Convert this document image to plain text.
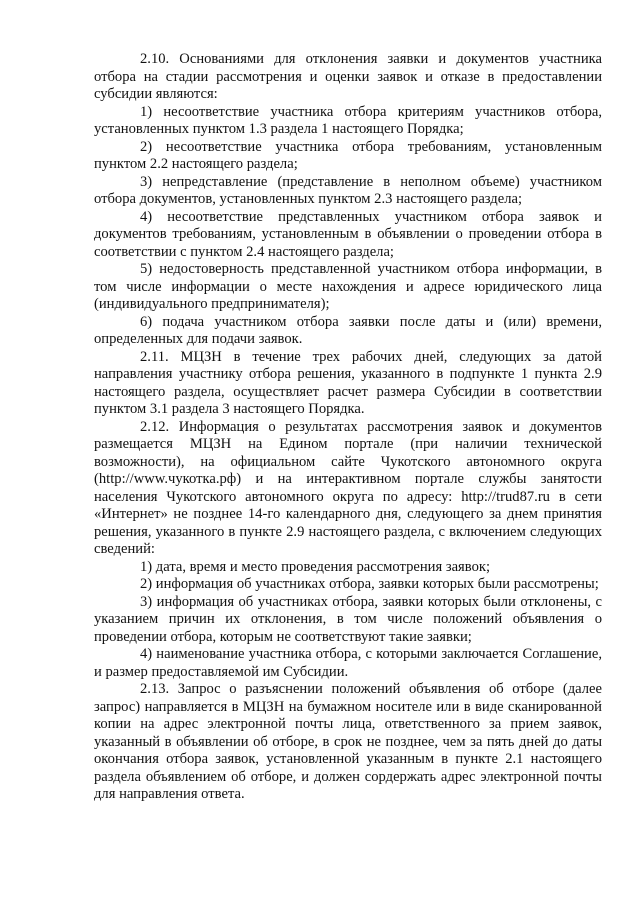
2.10. Основаниями для отклонения заявки и документов участника отбора на стадии рассмотрения и оценки заявок и отказе в предоставлении субсидии являются:

1) несоответствие участника отбора критериям участников отбора, установленных пунктом 1.3 раздела 1 настоящего Порядка;

2) несоответствие участника отбора требованиям, установленным пунктом 2.2 настоящего раздела;

3) непредставление (представление в неполном объеме) участником отбора документов, установленных пунктом 2.3 настоящего раздела;

4) несоответствие представленных участником отбора заявок и документов требованиям, установленным в объявлении о проведении отбора в соответствии с пунктом 2.4 настоящего раздела;

5) недостоверность представленной участником отбора информации, в том числе информации о месте нахождения и адресе юридического лица (индивидуального предпринимателя);

6) подача участником отбора заявки после даты и (или) времени, определенных для подачи заявок.

2.11. МЦЗН в течение трех рабочих дней, следующих за датой направления участнику отбора решения, указанного в подпункте 1 пункта 2.9 настоящего раздела, осуществляет расчет размера Субсидии в соответствии пунктом 3.1 раздела 3 настоящего Порядка.

2.12. Информация о результатах рассмотрения заявок и документов размещается МЦЗН на Едином портале (при наличии технической возможности), на официальном сайте Чукотского автономного округа (http://www.чукотка.рф) и на интерактивном портале службы занятости населения Чукотского автономного округа по адресу: http://trud87.ru в сети «Интернет» не позднее 14-го календарного дня, следующего за днем принятия решения, указанного в пункте 2.9 настоящего раздела, с включением следующих сведений:

1) дата, время и место проведения рассмотрения заявок;

2) информация об участниках отбора, заявки которых были рассмотрены;

3) информация об участниках отбора, заявки которых были отклонены, с указанием причин их отклонения, в том числе положений объявления о проведении отбора, которым не соответствуют такие заявки;

4) наименование участника отбора, с которыми заключается Соглашение, и размер предоставляемой им Субсидии.

2.13. Запрос о разъяснении положений объявления об отборе (далее запрос) направляется в МЦЗН на бумажном носителе или в виде сканированной копии на адрес электронной почты лица, ответственного за прием заявок, указанный в объявлении об отборе, в срок не позднее, чем за пять дней до даты окончания отбора заявок, установленной указанным в пункте 2.1 настоящего раздела объявлением об отборе, и должен сордержать адрес электронной почты для направления ответа.
